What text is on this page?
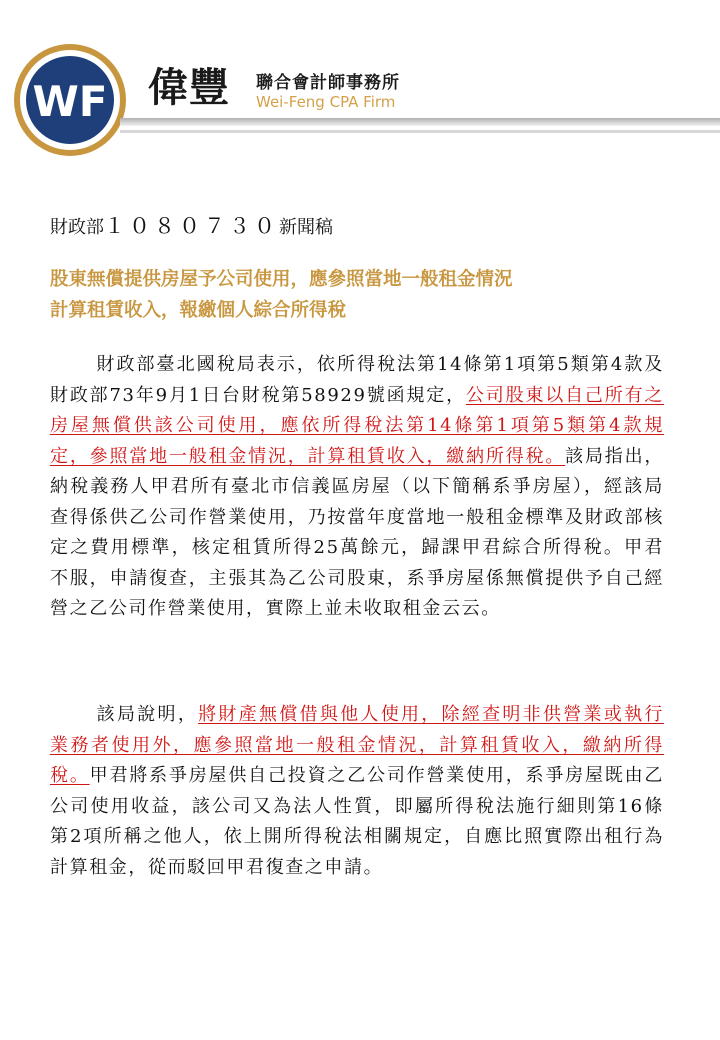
WF 偉豐 聯合會計師事務所
Wei-Feng CPA Firm
財政部１０８０７３０新聞稿
股東無償提供房屋予公司使用，應參照當地一般租金情況
計算租賃收入，報繳個人綜合所得稅
財政部臺北國稅局表示，依所得稅法第14條第1項第5類第4款及財政部73年9月1日台財稅第58929號函規定，公司股東以自己所有之房屋無償供該公司使用，應依所得稅法第14條第1項第5類第4款規定，參照當地一般租金情況，計算租賃收入，繳納所得稅。該局指出，納稅義務人甲君所有臺北市信義區房屋（以下簡稱系爭房屋），經該局查得係供乙公司作營業使用，乃按當年度當地一般租金標準及財政部核定之費用標準，核定租賃所得25萬餘元，歸課甲君綜合所得稅。甲君不服，申請復查，主張其為乙公司股東，系爭房屋係無償提供予自己經營之乙公司作營業使用，實際上並未收取租金云云。
該局說明，將財產無償借與他人使用，除經查明非供營業或執行業務者使用外，應參照當地一般租金情況，計算租賃收入，繳納所得稅。甲君將系爭房屋供自己投資之乙公司作營業使用，系爭房屋既由乙公司使用收益，該公司又為法人性質，即屬所得稅法施行細則第16條第2項所稱之他人，依上開所得稅法相關規定，自應比照實際出租行為計算租金，從而駁回甲君復查之申請。
